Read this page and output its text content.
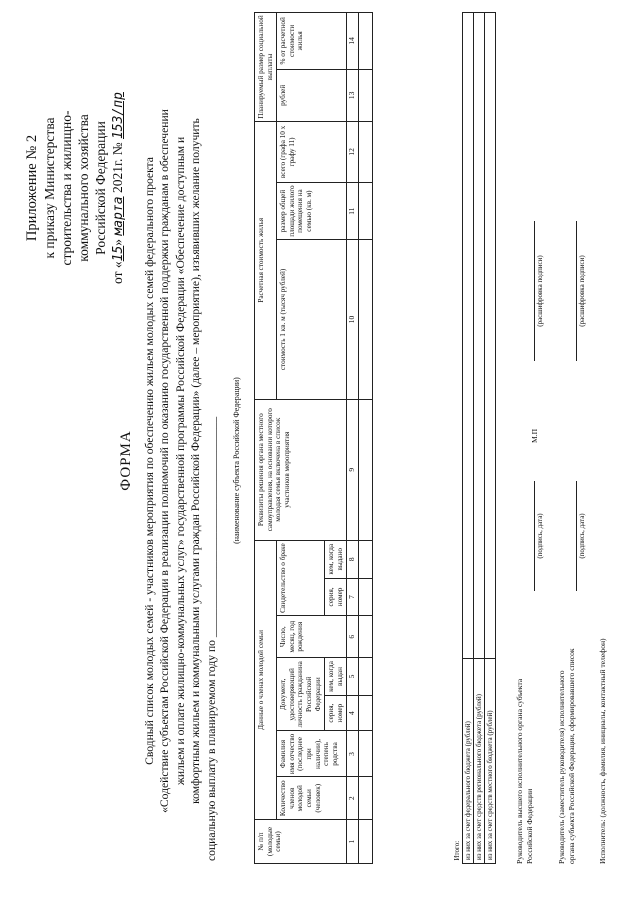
Приложение № 2 к приказу Министерства строительства и жилищно- коммунального хозяйства Российской Федерации
от «15» марта 2021г. № 153/пр
ФОРМА Сводный список молодых семей - участников мероприятия по обеспечению жильем молодых семей федерального проекта «Содействие субъектам Российской Федерации в реализации полномочий по оказанию государственной поддержки гражданам в обеспечении жильем и оплате жилищно-коммунальных услуг» государственной программы Российской Федерации «Обеспечение доступным и комфортным жильем и коммунальными услугами граждан Российской Федерации» (далее – мероприятие), изъявивших желание получить социальную выплату в планируемом году по ______________________________________ (наименование субъекта Российской Федерации)
№ п/п (молодые семьи)	Данные о членах молодой семьи							Реквизиты решения органа местного самоуправления, на основании которого молодая семья включена в список участников мероприятия	Расчетная стоимость жилья			Планируемый размер социальной выплаты	
	Количество членов молодой семьи (человек)	Фамилия имя отчество (последнее при наличии), степень родства	Документ, удостоверяющий личность гражданина Российской Федерации		Число, месяц, год рождения	Свидетельство о браке			стоимость 1 кв. м (тысяч рублей)	размер общей площади жилого помещения на семью (кв. м)	всего (графа 10 х графу 11)	рублей	% от расчетной стоимости жилья
			серия, номер	кем, когда выдан		серия, номер	кем, когда выдано						
1	2	3	4	5	6	7	8	9	10	11	12	13	14

Итого:	
из них за счет федерального бюджета (рублей)	
из них за счет средств регионального бюджета (рублей)	
из них за счет средств местного бюджета (рублей)		Руководитель высшего исполнительного органа субъекта Российской Федерации
(подпись, дата)
М.П
(расшифровка подписи)
Руководитель (заместитель руководителя) исполнительного органа субъекта Российской Федерации, сформировавшего список
(подпись, дата)
(расшифровка подписи)
Исполнитель: (должность, фамилия, инициалы, контактный телефон)
